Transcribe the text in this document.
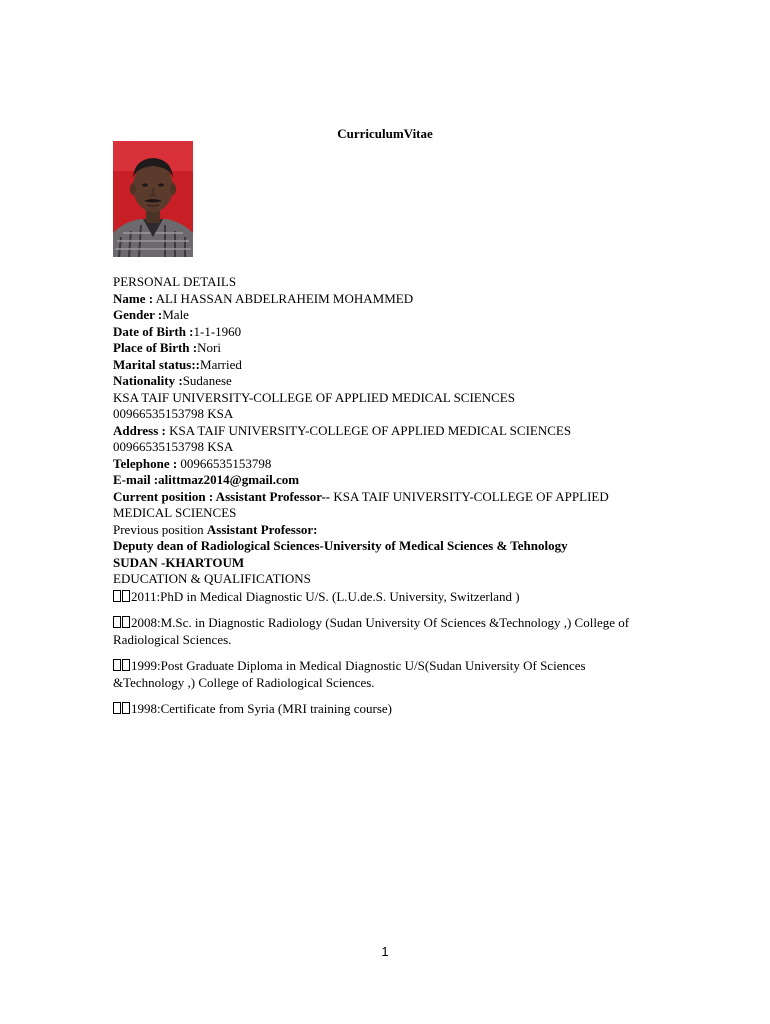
CurriculumVitae
PERSONAL DETAILS
Name : ALI HASSAN ABDELRAHEIM MOHAMMED
Gender :Male
Date of Birth :1-1-1960
Place of Birth :Nori
Marital status::Married
Nationality :Sudanese
KSA TAIF UNIVERSITY-COLLEGE OF APPLIED MEDICAL SCIENCES
00966535153798 KSA
Address : KSA TAIF UNIVERSITY-COLLEGE OF APPLIED MEDICAL SCIENCES
00966535153798 KSA
Telephone : 00966535153798
E-mail :alittmaz2014@gmail.com
Current position : Assistant Professor-- KSA TAIF UNIVERSITY-COLLEGE OF APPLIED MEDICAL SCIENCES
Previous position Assistant Professor:
Deputy dean of Radiological Sciences-University of Medical Sciences & Tehnology
SUDAN -KHARTOUM
EDUCATION & QUALIFICATIONS
2011:PhD in Medical Diagnostic U/S. (L.U.de.S. University, Switzerland )
2008:M.Sc. in Diagnostic Radiology (Sudan University Of Sciences &Technology ,) College of Radiological Sciences.
1999:Post Graduate Diploma in Medical Diagnostic U/S(Sudan University Of Sciences &Technology ,) College of Radiological Sciences.
1998:Certificate from Syria (MRI training course)
1
